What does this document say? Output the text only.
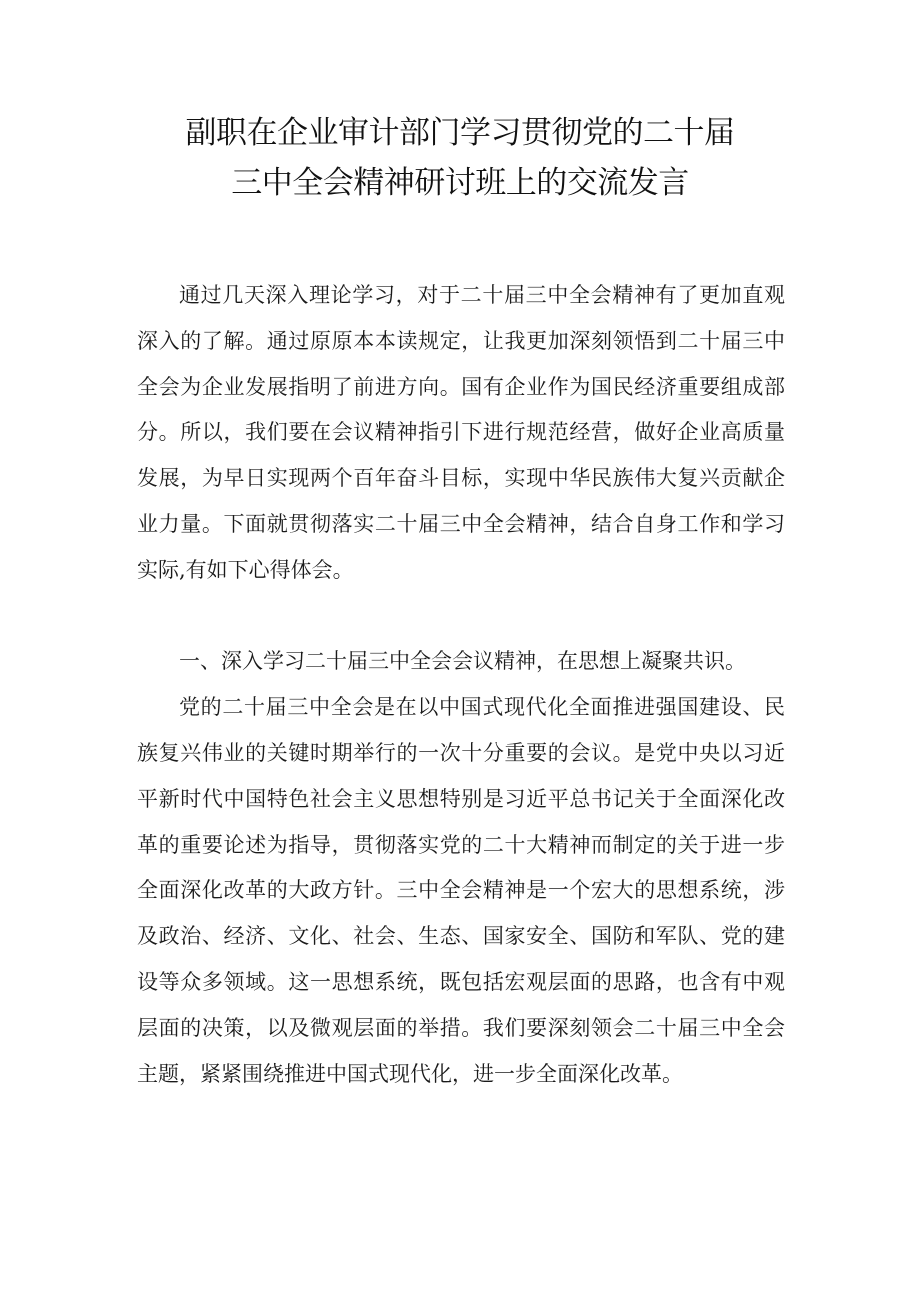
副职在企业审计部门学习贯彻党的二十届
三中全会精神研讨班上的交流发言

通过几天深入理论学习，对于二十届三中全会精神有了更加直观深入的了解。通过原原本本读规定，让我更加深刻领悟到二十届三中全会为企业发展指明了前进方向。国有企业作为国民经济重要组成部分。所以，我们要在会议精神指引下进行规范经营，做好企业高质量发展，为早日实现两个百年奋斗目标，实现中华民族伟大复兴贡献企业力量。下面就贯彻落实二十届三中全会精神，结合自身工作和学习实际,有如下心得体会。

一、深入学习二十届三中全会会议精神，在思想上凝聚共识。

党的二十届三中全会是在以中国式现代化全面推进强国建设、民族复兴伟业的关键时期举行的一次十分重要的会议。是党中央以习近平新时代中国特色社会主义思想特别是习近平总书记关于全面深化改革的重要论述为指导，贯彻落实党的二十大精神而制定的关于进一步全面深化改革的大政方针。三中全会精神是一个宏大的思想系统，涉及政治、经济、文化、社会、生态、国家安全、国防和军队、党的建设等众多领域。这一思想系统，既包括宏观层面的思路，也含有中观层面的决策，以及微观层面的举措。我们要深刻领会二十届三中全会主题，紧紧围绕推进中国式现代化，进一步全面深化改革。
